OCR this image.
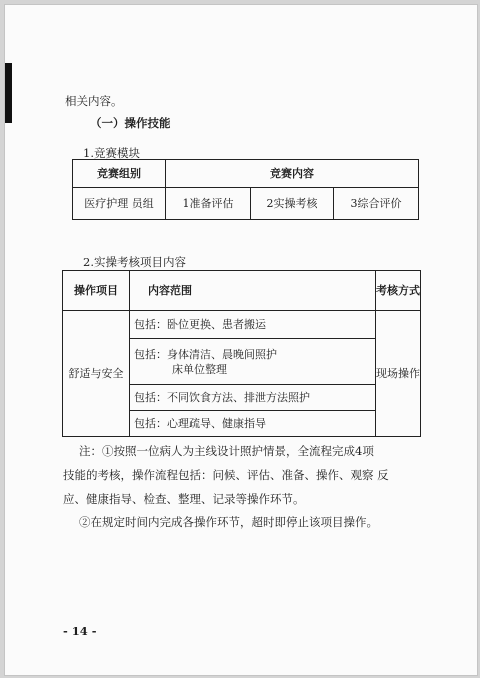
相关内容。
（一）操作技能
1.竞赛模块
竞赛组别	竞赛内容		
医疗护理 员组	1准备评估	2实操考核	3综合评价
2.实操考核项目内容
操作项目	内容范围	考核方式
舒适与安全	包括：卧位更换、患者搬运	现场操作

	包括：身体清洁、晨晚间照护
床单位整理	

	包括：不同饮食方法、排泄方法照护	
	包括：心理疏导、健康指导	
注：①按照一位病人为主线设计照护情景，全流程完成4项
技能的考核，操作流程包括：问候、评估、准备、操作、观察 反
应、健康指导、检查、整理、记录等操作环节。
②在规定时间内完成各操作环节，超时即停止该项目操作。
- 14 -
